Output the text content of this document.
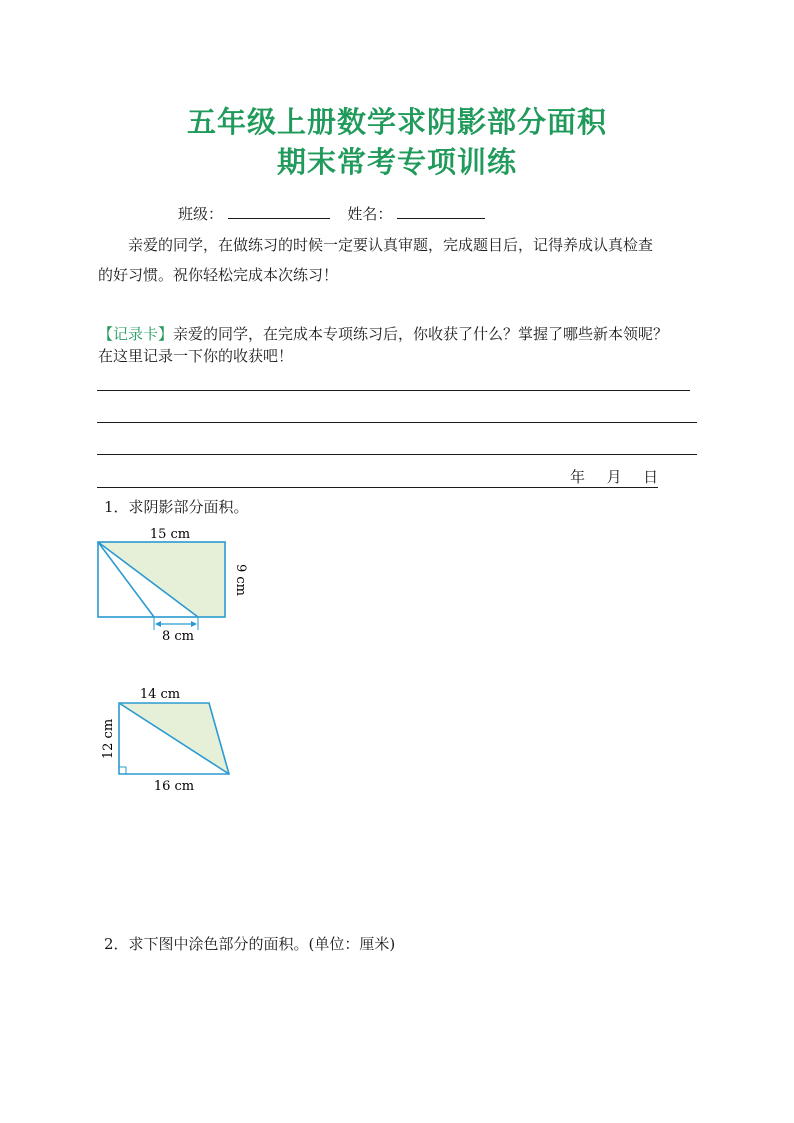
五年级上册数学求阴影部分面积
期末常考专项训练
班级：	姓名：
亲爱的同学，在做练习的时候一定要认真审题，完成题目后，记得养成认真检查
的好习惯。祝你轻松完成本次练习！
【记录卡】亲爱的同学，在完成本专项练习后，你收获了什么？掌握了哪些新本领呢？
在这里记录一下你的收获吧！
年 月 日
1．求阴影部分面积。
15 cm
8 cm
9 cm
14 cm
16 cm
12 cm
2．求下图中涂色部分的面积。(单位：厘米)
